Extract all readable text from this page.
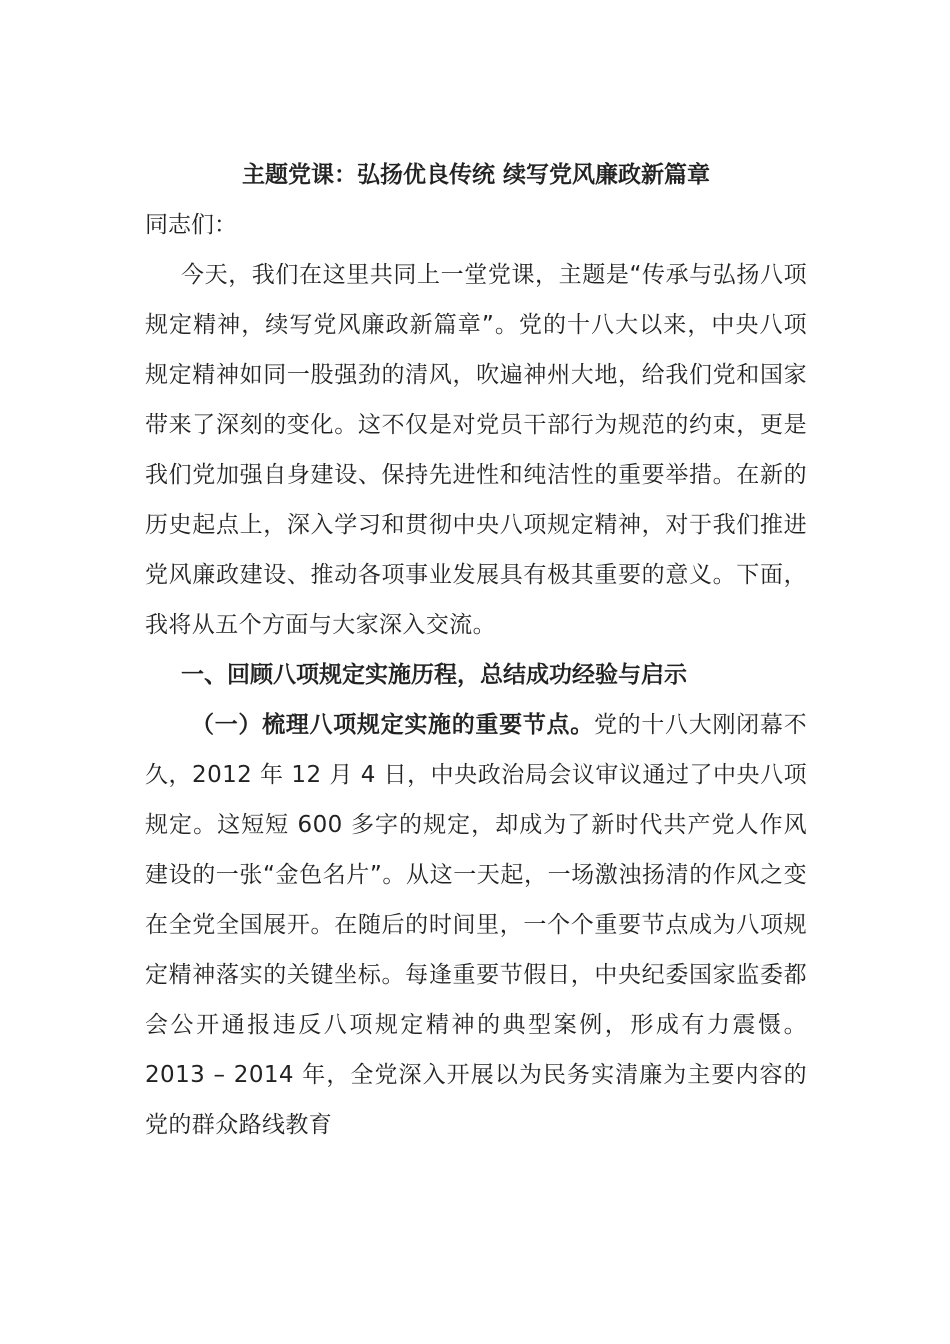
主题党课：弘扬优良传统 续写党风廉政新篇章

同志们：

今天，我们在这里共同上一堂党课，主题是“传承与弘扬八项规定精神，续写党风廉政新篇章”。党的十八大以来，中央八项规定精神如同一股强劲的清风，吹遍神州大地，给我们党和国家带来了深刻的变化。这不仅是对党员干部行为规范的约束，更是我们党加强自身建设、保持先进性和纯洁性的重要举措。在新的历史起点上，深入学习和贯彻中央八项规定精神，对于我们推进党风廉政建设、推动各项事业发展具有极其重要的意义。下面，我将从五个方面与大家深入交流。

一、回顾八项规定实施历程，总结成功经验与启示

（一）梳理八项规定实施的重要节点。党的十八大刚闭幕不久，2012 年 12 月 4 日，中央政治局会议审议通过了中央八项规定。这短短 600 多字的规定，却成为了新时代共产党人作风建设的一张“金色名片”。从这一天起，一场激浊扬清的作风之变在全党全国展开。在随后的时间里，一个个重要节点成为八项规定精神落实的关键坐标。每逢重要节假日，中央纪委国家监委都会公开通报违反八项规定精神的典型案例，形成有力震慑。2013 – 2014 年，全党深入开展以为民务实清廉为主要内容的党的群众路线教育
